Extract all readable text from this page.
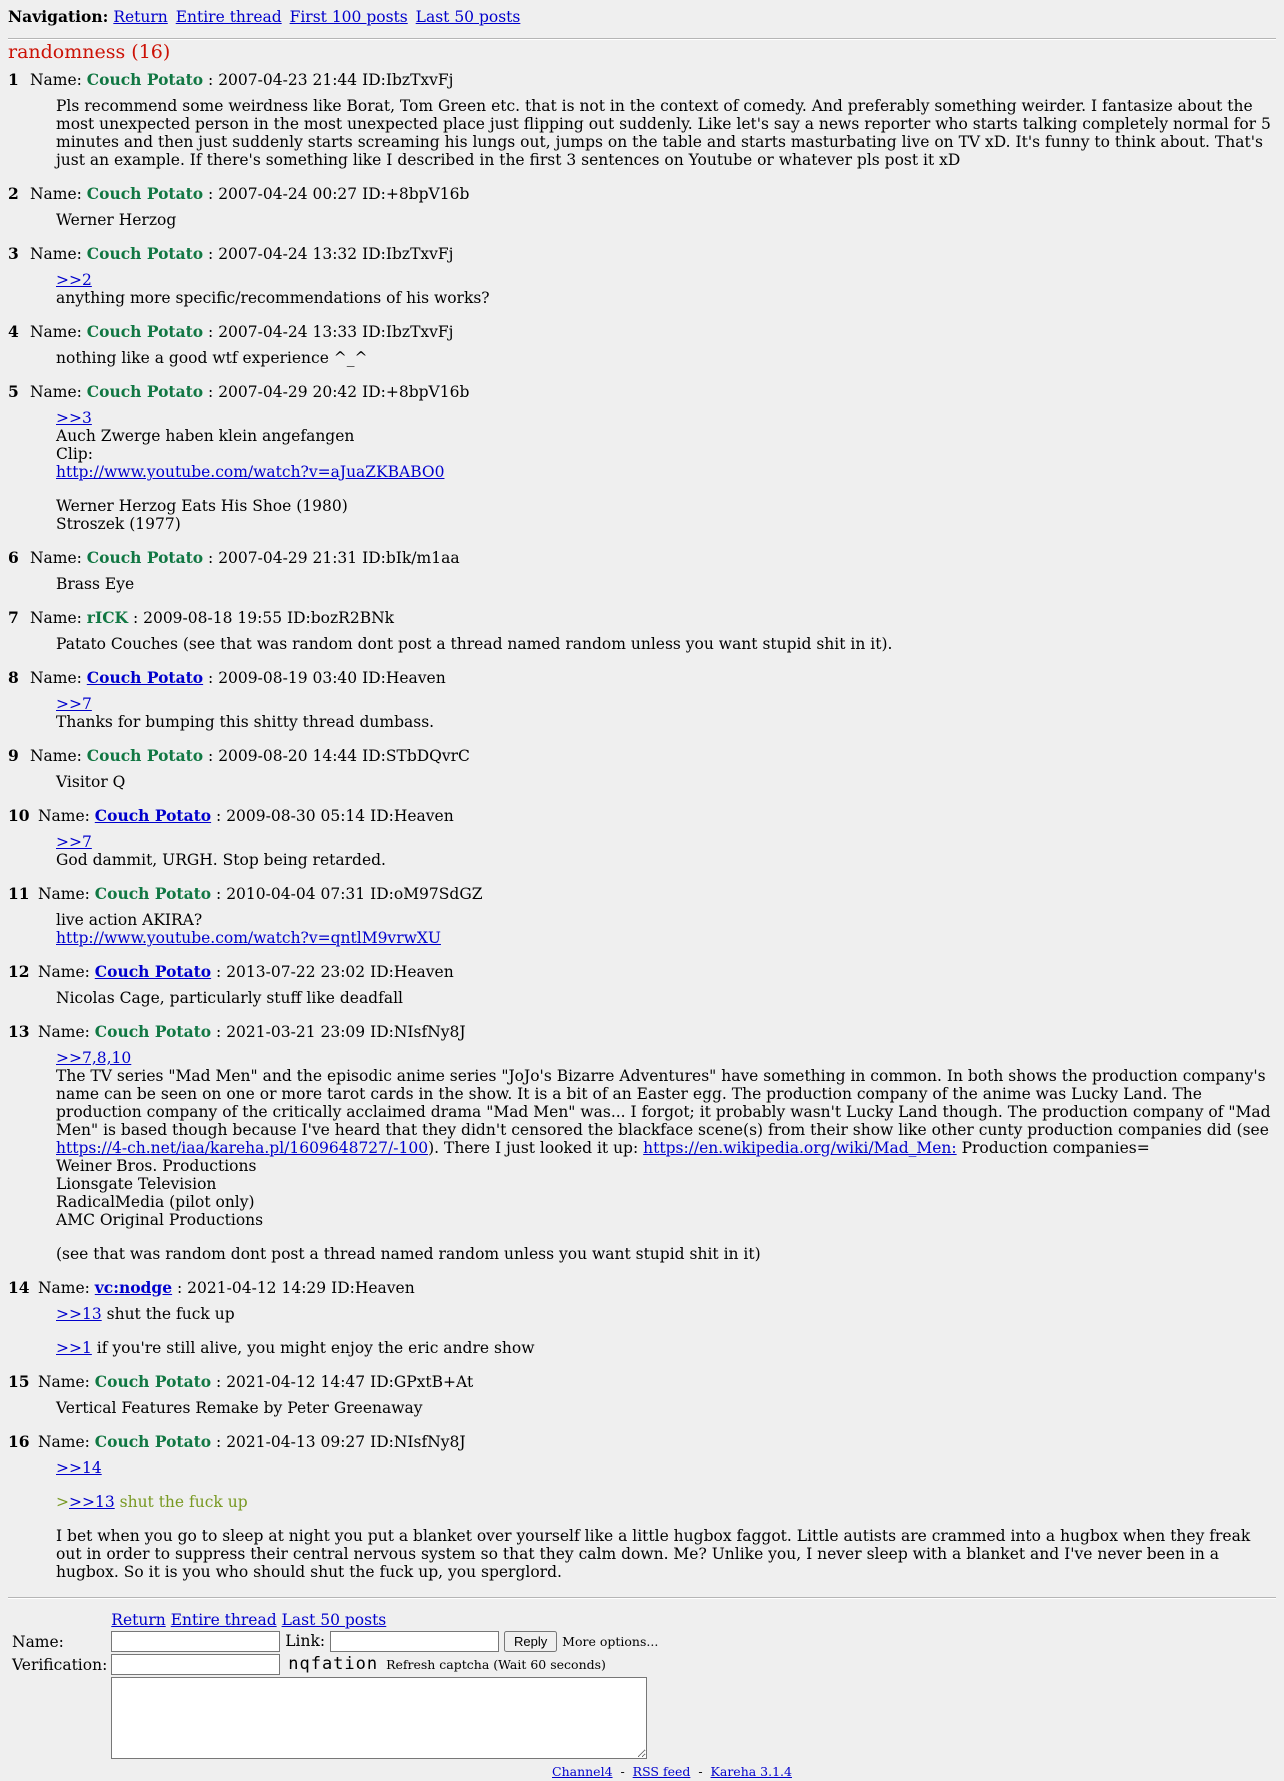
Navigation: Return Entire thread First 100 posts Last 50 posts
randomness (16)
1 Name: Couch Potato : 2007-04-23 21:44 ID:IbzTxvFj

Pls recommend some weirdness like Borat, Tom Green etc. that is not in the context of comedy. And preferably something weirder. I fantasize about the most unexpected person in the most unexpected place just flipping out suddenly. Like let's say a news reporter who starts talking completely normal for 5 minutes and then just suddenly starts screaming his lungs out, jumps on the table and starts masturbating live on TV xD. It's funny to think about. That's just an example. If there's something like I described in the first 3 sentences on Youtube or whatever pls post it xD

2 Name: Couch Potato : 2007-04-24 00:27 ID:+8bpV16b

Werner Herzog

3 Name: Couch Potato : 2007-04-24 13:32 ID:IbzTxvFj
>>2
anything more specific/recommendations of his works?
4 Name: Couch Potato : 2007-04-24 13:33 ID:IbzTxvFj

nothing like a good wtf experience ^_^

5 Name: Couch Potato : 2007-04-29 20:42 ID:+8bpV16b
>>3
Auch Zwerge haben klein angefangen
Clip:
http://www.youtube.com/watch?v=aJuaZKBABO0

Werner Herzog Eats His Shoe (1980)
Stroszek (1977)
6 Name: Couch Potato : 2007-04-29 21:31 ID:bIk/m1aa

Brass Eye

7 Name: rICK : 2009-08-18 19:55 ID:bozR2BNk

Patato Couches (see that was random dont post a thread named random unless you want stupid shit in it).

8 Name: Couch Potato : 2009-08-19 03:40 ID:Heaven
>>7
Thanks for bumping this shitty thread dumbass.
9 Name: Couch Potato : 2009-08-20 14:44 ID:STbDQvrC

Visitor Q

10 Name: Couch Potato : 2009-08-30 05:14 ID:Heaven
>>7
God dammit, URGH. Stop being retarded.
11 Name: Couch Potato : 2010-04-04 07:31 ID:oM97SdGZ
live action AKIRA?
http://www.youtube.com/watch?v=qntlM9vrwXU
12 Name: Couch Potato : 2013-07-22 23:02 ID:Heaven

Nicolas Cage, particularly stuff like deadfall

13 Name: Couch Potato : 2021-03-21 23:09 ID:NIsfNy8J
>>7,8,10
The TV series "Mad Men" and the episodic anime series "JoJo's Bizarre Adventures" have something in common. In both shows the production company's name can be seen on one or more tarot cards in the show. It is a bit of an Easter egg. The production company of the anime was Lucky Land. The production company of the critically acclaimed drama "Mad Men" was... I forgot; it probably wasn't Lucky Land though. The production company of "Mad Men" is based though because I've heard that they didn't censored the blackface scene(s) from their show like other cunty production companies did (see https://4-ch.net/iaa/kareha.pl/1609648727/-100). There I just looked it up: https://en.wikipedia.org/wiki/Mad_Men: Production companies=
Weiner Bros. Productions
Lionsgate Television
RadicalMedia (pilot only)
AMC Original Productions

(see that was random dont post a thread named random unless you want stupid shit in it)
14 Name: vc:nodge : 2021-04-12 14:29 ID:Heaven
>>13 shut the fuck up

>>1 if you're still alive, you might enjoy the eric andre show
15 Name: Couch Potato : 2021-04-12 14:47 ID:GPxtB+At

Vertical Features Remake by Peter Greenaway

16 Name: Couch Potato : 2021-04-13 09:27 ID:NIsfNy8J
>>14

>>>13 shut the fuck up

I bet when you go to sleep at night you put a blanket over yourself like a little hugbox faggot. Little autists are crammed into a hugbox when they freak out in order to suppress their central nervous system so that they calm down. Me? Unlike you, I never sleep with a blanket and I've never been in a hugbox. So it is you who should shut the fuck up, you sperglord.
	Return Entire thread Last 50 posts
Name:	Link: Reply More options...
Verification:	nqfation Refresh captcha (Wait 60 seconds)

Channel4 - RSS feed - Kareha 3.1.4
